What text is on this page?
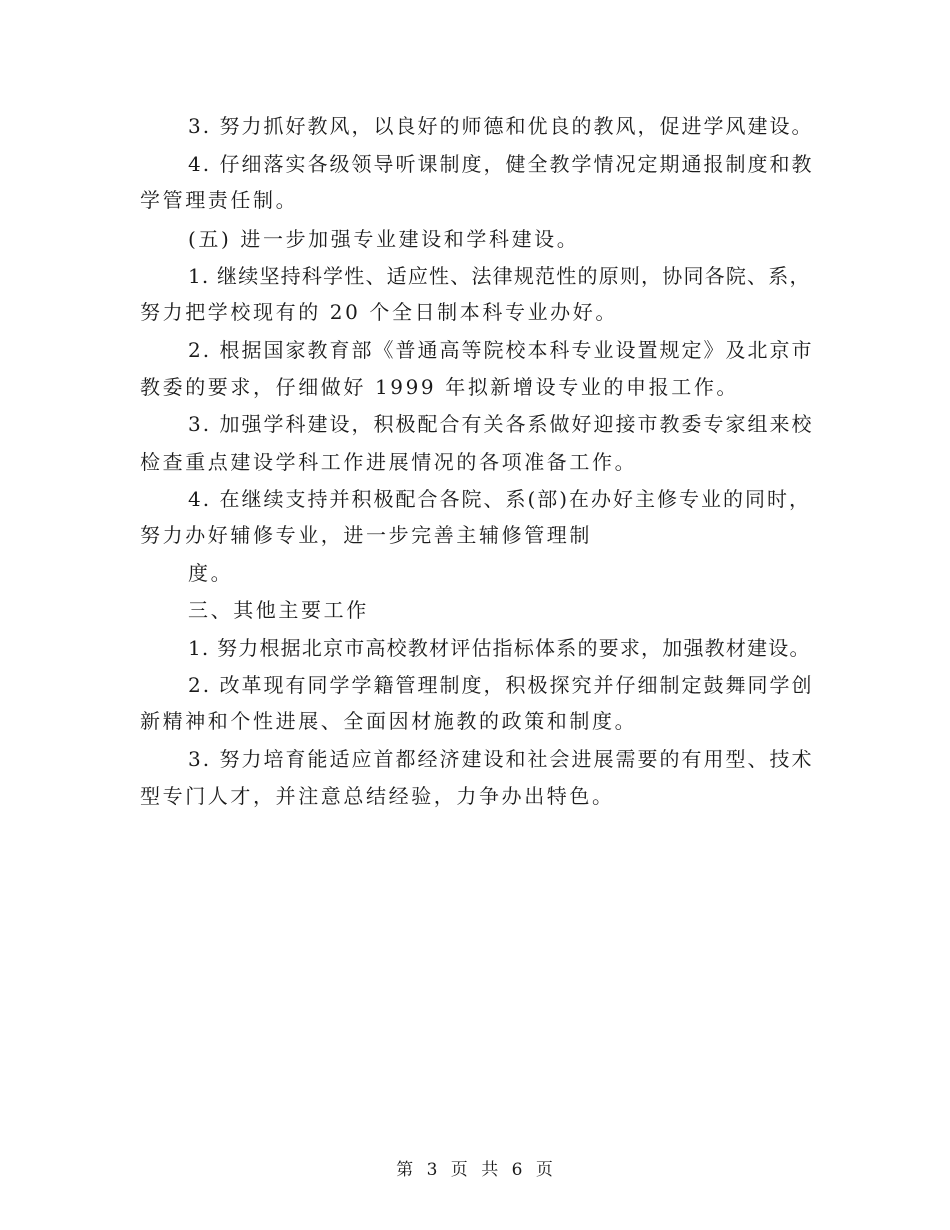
3. 努力抓好教风，以良好的师德和优良的教风，促进学风建设。
4. 仔细落实各级领导听课制度，健全教学情况定期通报制度和教
学管理责任制。
(五) 进一步加强专业建设和学科建设。
1. 继续坚持科学性、适应性、法律规范性的原则，协同各院、系，
努力把学校现有的 20 个全日制本科专业办好。
2. 根据国家教育部《普通高等院校本科专业设置规定》及北京市
教委的要求，仔细做好 1999 年拟新增设专业的申报工作。
3. 加强学科建设，积极配合有关各系做好迎接市教委专家组来校
检查重点建设学科工作进展情况的各项准备工作。
4. 在继续支持并积极配合各院、系(部)在办好主修专业的同时，
努力办好辅修专业，进一步完善主辅修管理制
度。
三、其他主要工作
1. 努力根据北京市高校教材评估指标体系的要求，加强教材建设。
2. 改革现有同学学籍管理制度，积极探究并仔细制定鼓舞同学创
新精神和个性进展、全面因材施教的政策和制度。
3. 努力培育能适应首都经济建设和社会进展需要的有用型、技术
型专门人才，并注意总结经验，力争办出特色。
第 3 页 共 6 页
